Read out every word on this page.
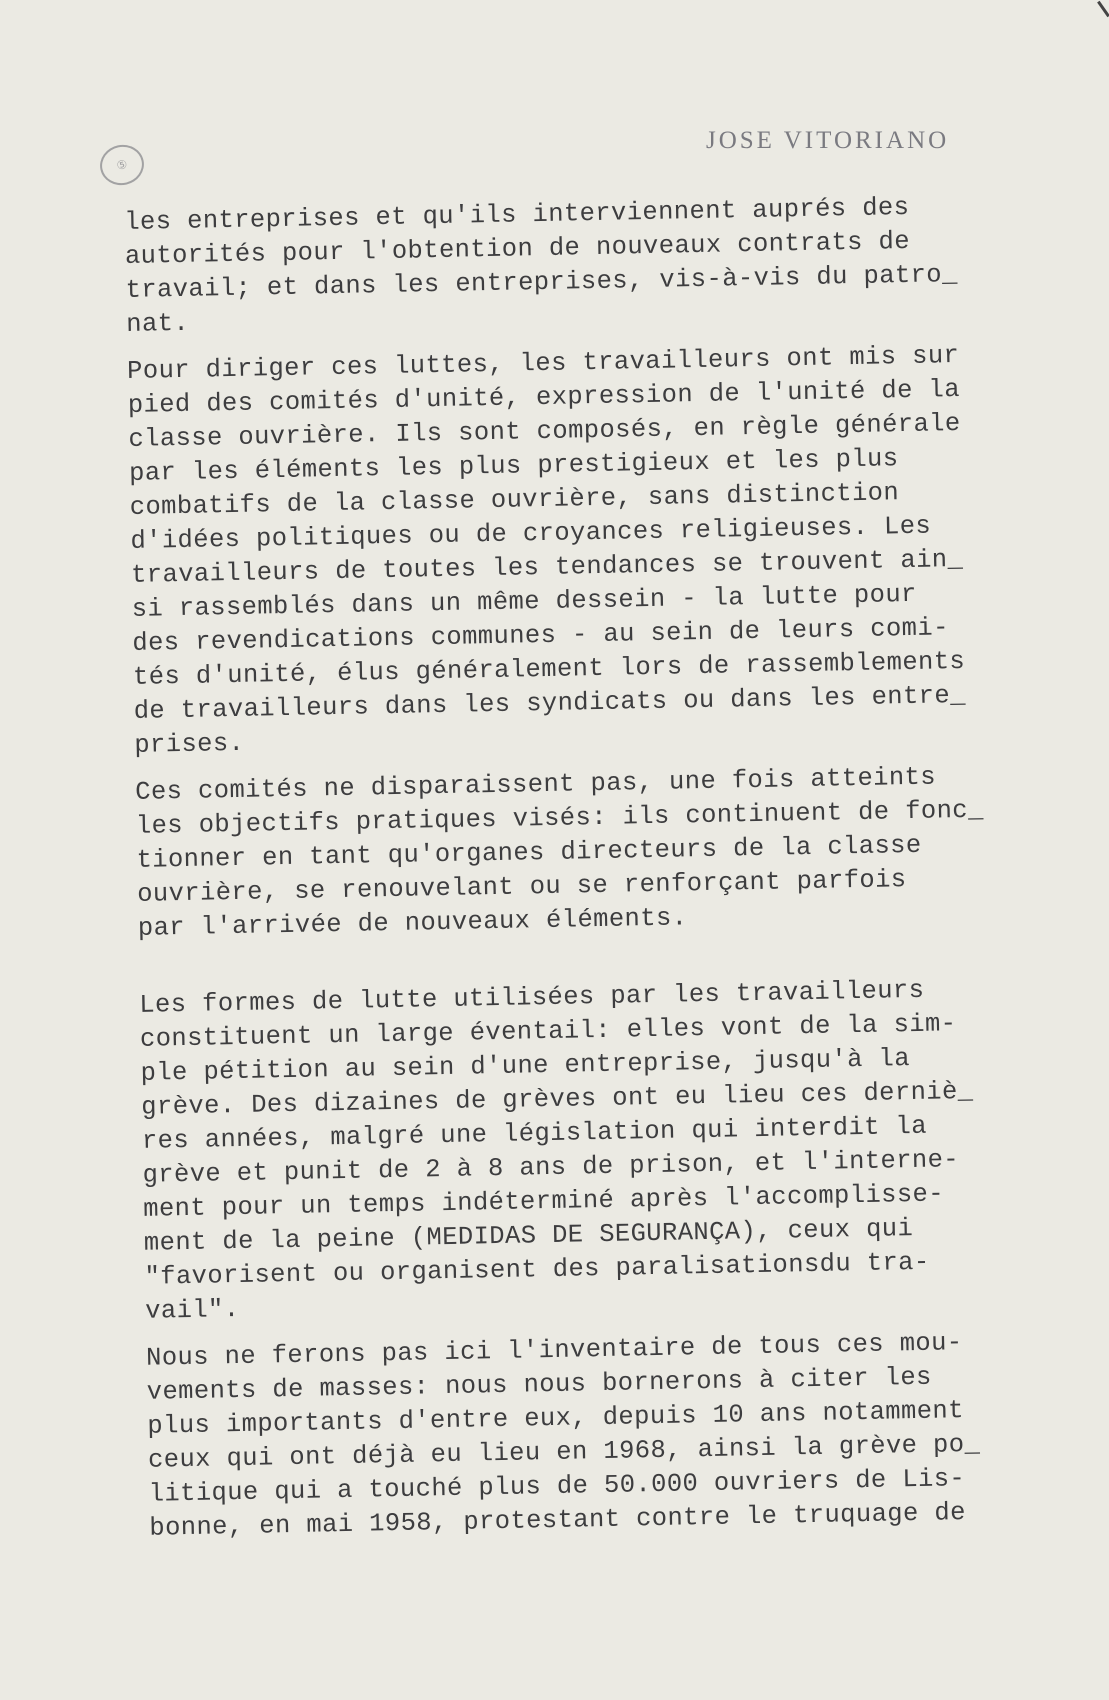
⑤
JOSE VITORIANO

les entreprises et qu'ils interviennent auprés des
autorités pour l'obtention de nouveaux contrats de
travail; et dans les entreprises, vis-à-vis du patro_
nat.

Pour diriger ces luttes, les travailleurs ont mis sur
pied des comités d'unité, expression de l'unité de la
classe ouvrière. Ils sont composés, en règle générale
par les éléments les plus prestigieux et les plus
combatifs de la classe ouvrière, sans distinction
d'idées politiques ou de croyances religieuses. Les
travailleurs de toutes les tendances se trouvent ain_
si rassemblés dans un même dessein - la lutte pour
des revendications communes - au sein de leurs comi-
tés d'unité, élus généralement lors de rassemblements
de travailleurs dans les syndicats ou dans les entre_
prises.

Ces comités ne disparaissent pas, une fois atteints
les objectifs pratiques visés: ils continuent de fonc_
tionner en tant qu'organes directeurs de la classe
ouvrière, se renouvelant ou se renforçant parfois
par l'arrivée de nouveaux éléments.

Les formes de lutte utilisées par les travailleurs
constituent un large éventail: elles vont de la sim-
ple pétition au sein d'une entreprise, jusqu'à la
grève. Des dizaines de grèves ont eu lieu ces derniè_
res années, malgré une législation qui interdit la
grève et punit de 2 à 8 ans de prison, et l'interne-
ment pour un temps indéterminé après l'accomplisse-
ment de la peine (MEDIDAS DE SEGURANÇA), ceux qui
"favorisent ou organisent des paralisationsdu tra-
vail".

Nous ne ferons pas ici l'inventaire de tous ces mou-
vements de masses: nous nous bornerons à citer les
plus importants d'entre eux, depuis 10 ans notamment
ceux qui ont déjà eu lieu en 1968, ainsi la grève po_
litique qui a touché plus de 50.000 ouvriers de Lis-
bonne, en mai 1958, protestant contre le truquage de
